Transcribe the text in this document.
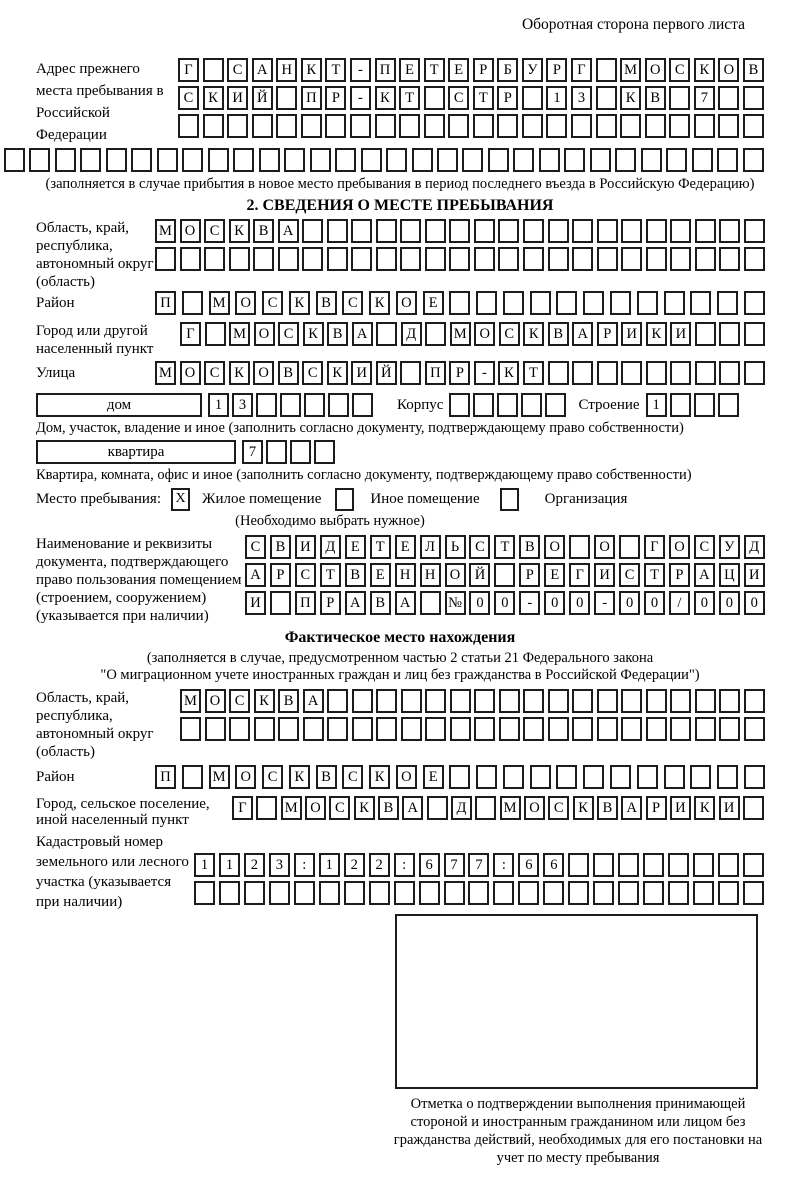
Оборотная сторона первого листа
Адрес прежнего места пребывания в Российской Федерации
Г	С А Н К	Т	-	П	Е	Т	Е	Р	Б	У	Р	Г	М О С	К О В
С	К И Й	П	Р	-	К	Т	С	Т	Р	1	3	К	В	7
(заполняется в случае прибытия в новое место пребывания в период последнего въезда в Российскую Федерацию)
2. СВЕДЕНИЯ О МЕСТЕ ПРЕБЫВАНИЯ
Область, край, республика, автономный округ (область)
М О С	К	В А
Район	П	М	О	С	К	В	С	К	О	Е
Город или другой населенный пункт
Г	М О С	К	В А	Д	М О С	К	В А	Р	И К И
Улица	М О С	К О В	С	К И Й	П	Р	-	К	Т
дом	1	3	Корпус	Строение 1
Дом, участок, владение и иное (заполнить согласно документу, подтверждающему право собственности)
квартира	7
Квартира, комната, офис и иное (заполнить согласно документу, подтверждающему право собственности)
Место пребывания:	X Жилое помещение	Иное помещение	Организация
(Необходимо выбрать нужное)
Наименование и реквизиты документа, подтверждающего право пользования помещением (строением, сооружением) (указывается при наличии)
С	В	И	Д	Е	Т	Е	Л	Ь	С	Т	В	О	О	Г	О	С	У	Д
А	Р	С	Т	В	Е	Н Н О Й	Р	Е	Г	И	С	Т	Р	А Ц И
И	П	Р	А	В	А	№ 0	0	-	0	0	-	0	0	/	0	0	0
Фактическое место нахождения
(заполняется в случае, предусмотренном частью 2 статьи 21 Федерального закона
"О миграционном учете иностранных граждан и лиц без гражданства в Российской Федерации")
Область, край, республика, автономный округ (область)
М О С	К	В А
Район	П	М	О	С	К	В	С	К	О	Е
Город, сельское поселение, иной населенный пункт
Г	М О С	К	В А	Д	М О С	К	В А	Р	И К И
Кадастровый номер земельного или лесного участка (указывается при наличии)
1	1	2	3	:	1	2	2	:	6	7	7	:	6	6
Отметка о подтверждении выполнения принимающей стороной и иностранным гражданином или лицом без гражданства действий, необходимых для его постановки на учет по месту пребывания
